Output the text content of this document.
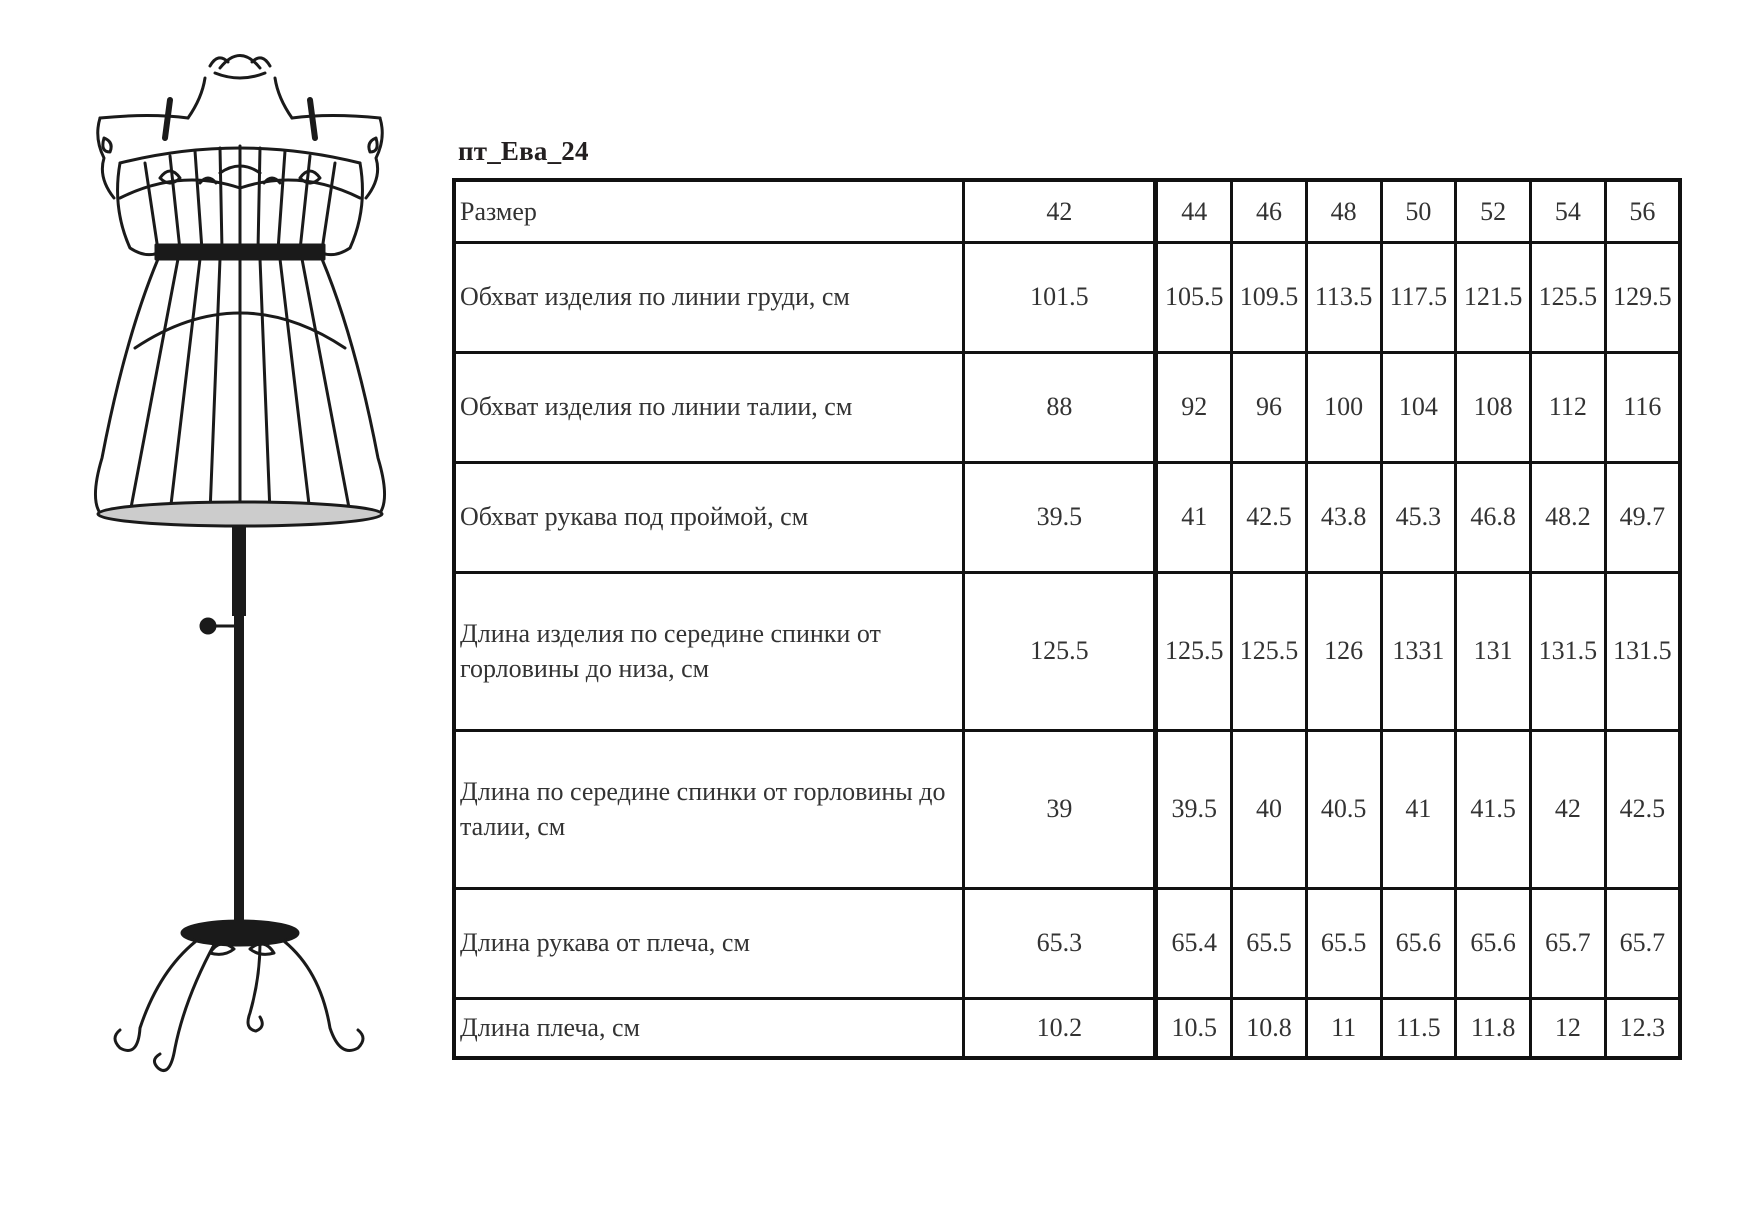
пт_Ева_24
Размер	42	44	46	48	50	52	54	56
Обхват изделия по линии груди, см	101.5	105.5	109.5	113.5	117.5	121.5	125.5	129.5
Обхват изделия по линии талии, см	88	92	96	100	104	108	112	116
Обхват рукава под проймой, см	39.5	41	42.5	43.8	45.3	46.8	48.2	49.7
Длина изделия по середине спинки от горловины до низа, см	125.5	125.5	125.5	126	1331	131	131.5	131.5
Длина по середине спинки от горловины до талии, см	39	39.5	40	40.5	41	41.5	42	42.5
Длина рукава от плеча, см	65.3	65.4	65.5	65.5	65.6	65.6	65.7	65.7
Длина плеча, см	10.2	10.5	10.8	11	11.5	11.8	12	12.3
